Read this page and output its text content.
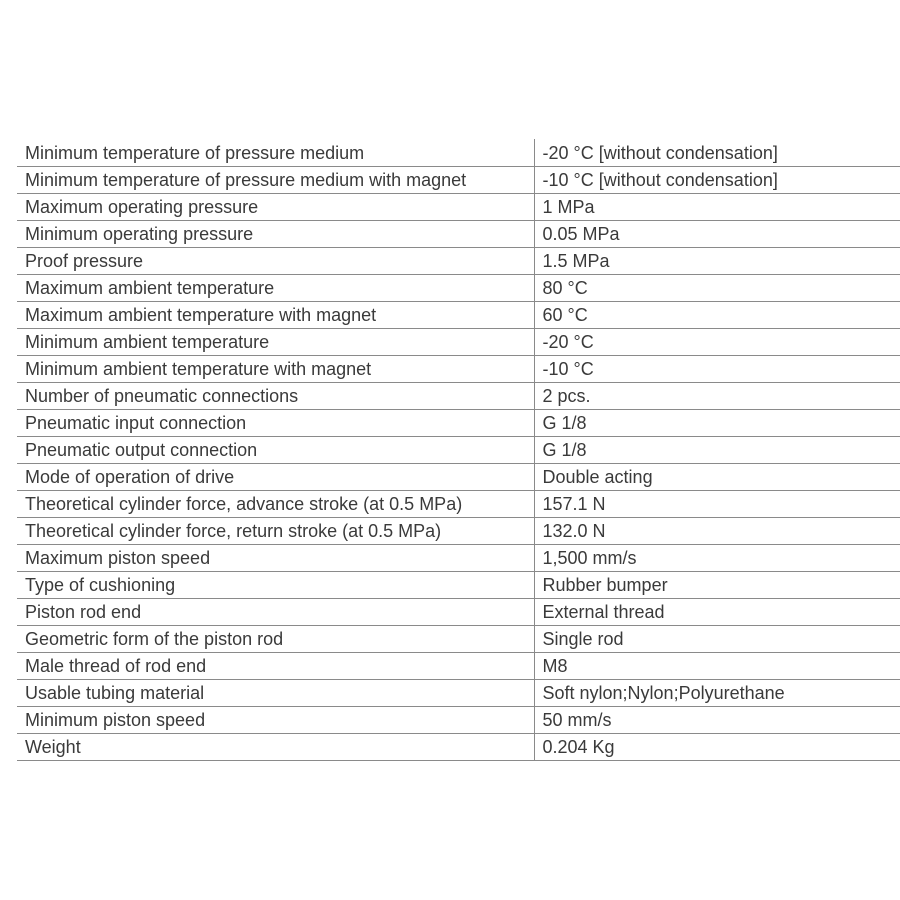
Minimum temperature of pressure medium	-20 °C [without condensation]
Minimum temperature of pressure medium with magnet	-10 °C [without condensation]
Maximum operating pressure	1 MPa
Minimum operating pressure	0.05 MPa
Proof pressure	1.5 MPa
Maximum ambient temperature	80 °C
Maximum ambient temperature with magnet	60 °C
Minimum ambient temperature	-20 °C
Minimum ambient temperature with magnet	-10 °C
Number of pneumatic connections	2 pcs.
Pneumatic input connection	G 1/8
Pneumatic output connection	G 1/8
Mode of operation of drive	Double acting
Theoretical cylinder force, advance stroke (at 0.5 MPa)	157.1 N
Theoretical cylinder force, return stroke (at 0.5 MPa)	132.0 N
Maximum piston speed	1,500 mm/s
Type of cushioning	Rubber bumper
Piston rod end	External thread
Geometric form of the piston rod	Single rod
Male thread of rod end	M8
Usable tubing material	Soft nylon;Nylon;Polyurethane
Minimum piston speed	50 mm/s
Weight	0.204 Kg
